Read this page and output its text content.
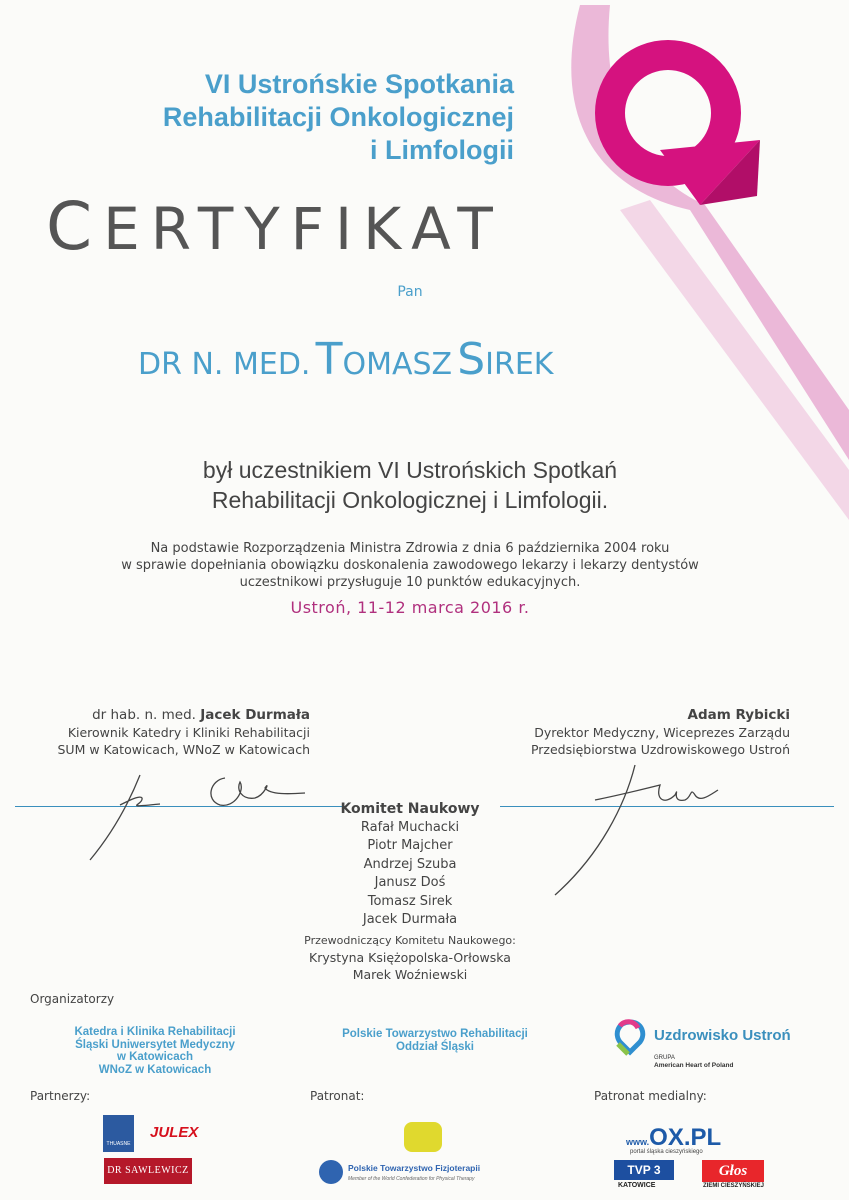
VI Ustrońskie Spotkania
Rehabilitacji Onkologicznej
i Limfologii
CERTYFIKAT
Pan
DR N. MED. TOMASZ SIREK
był uczestnikiem VI Ustrońskich Spotkań
Rehabilitacji Onkologicznej i Limfologii.
Na podstawie Rozporządzenia Ministra Zdrowia z dnia 6 października 2004 roku
w sprawie dopełniania obowiązku doskonalenia zawodowego lekarzy i lekarzy dentystów
uczestnikowi przysługuje 10 punktów edukacyjnych.
Ustroń, 11-12 marca 2016 r.
dr hab. n. med. Jacek Durmała
Kierownik Katedry i Kliniki Rehabilitacji
SUM w Katowicach, WNoZ w Katowicach
Adam Rybicki
Dyrektor Medyczny, Wiceprezes Zarządu
Przedsiębiorstwa Uzdrowiskowego Ustroń
Komitet Naukowy
Rafał Muchacki
Piotr Majcher
Andrzej Szuba
Janusz Doś
Tomasz Sirek
Jacek Durmała
Przewodniczący Komitetu Naukowego:
Krystyna Księżopolska-Orłowska
Marek Woźniewski
Organizatorzy
Katedra i Klinika Rehabilitacji
Śląski Uniwersytet Medyczny
w Katowicach
WNoZ w Katowicach
Polskie Towarzystwo Rehabilitacji
Oddział Śląski
Uzdrowisko Ustroń
GRUPA
American Heart of Poland
Partnerzy:	Patronat:	Patronat medialny:
THUASNE
JULEX
DR SAWLEWICZ	Polskie Towarzystwo Fizjoterapii
Member of the World Confederation for Physical Therapy
www.OX.PL
portal śląska cieszyńskiego
TVP 3
KATOWICE
Głos
ZIEMI CIESZYŃSKIEJ
